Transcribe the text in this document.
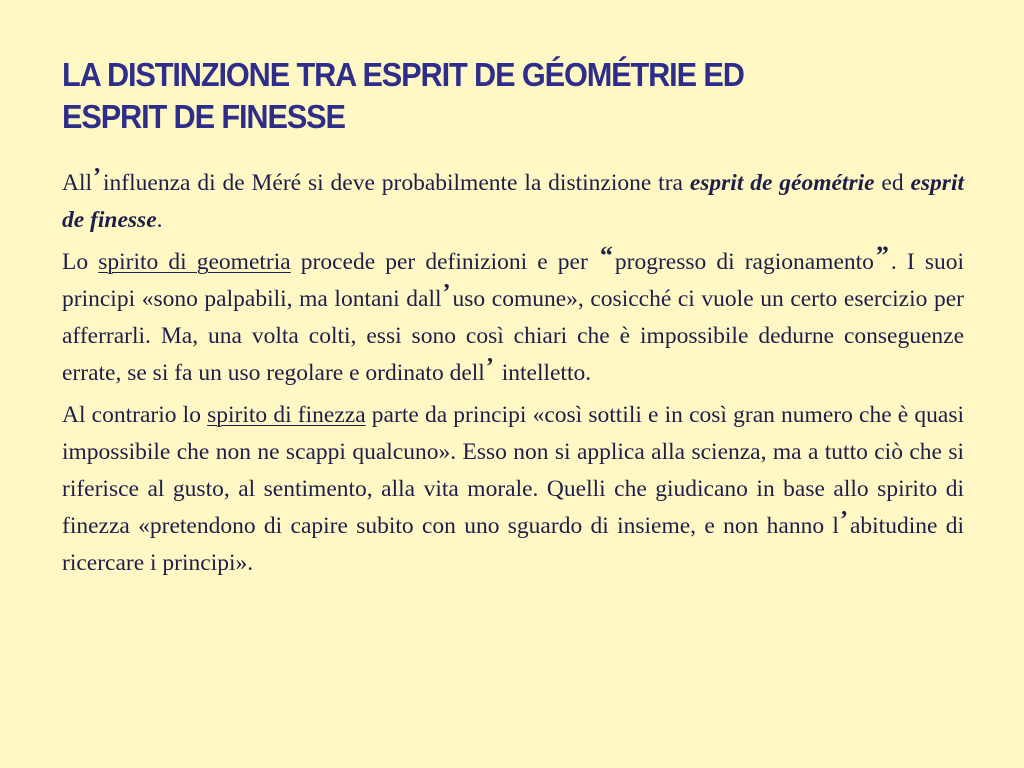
LA DISTINZIONE TRA ESPRIT DE GÉOMÉTRIE ED
ESPRIT DE FINESSE

All’influenza di de Méré si deve probabilmente la distinzione tra esprit de géométrie ed esprit de finesse.

Lo spirito di geometria procede per definizioni e per “progresso di ragionamento”. I suoi principi «sono palpabili, ma lontani dall’uso comune», cosicché ci vuole un certo esercizio per afferrarli. Ma, una volta colti, essi sono così chiari che è impossibile dedurne conseguenze errate, se si fa un uso regolare e ordinato dell’ intelletto.

Al contrario lo spirito di finezza parte da principi «così sottili e in così gran numero che è quasi impossibile che non ne scappi qualcuno». Esso non si applica alla scienza, ma a tutto ciò che si riferisce al gusto, al sentimento, alla vita morale. Quelli che giudicano in base allo spirito di finezza «pretendono di capire subito con uno sguardo di insieme, e non hanno l’abitudine di ricercare i principi».
